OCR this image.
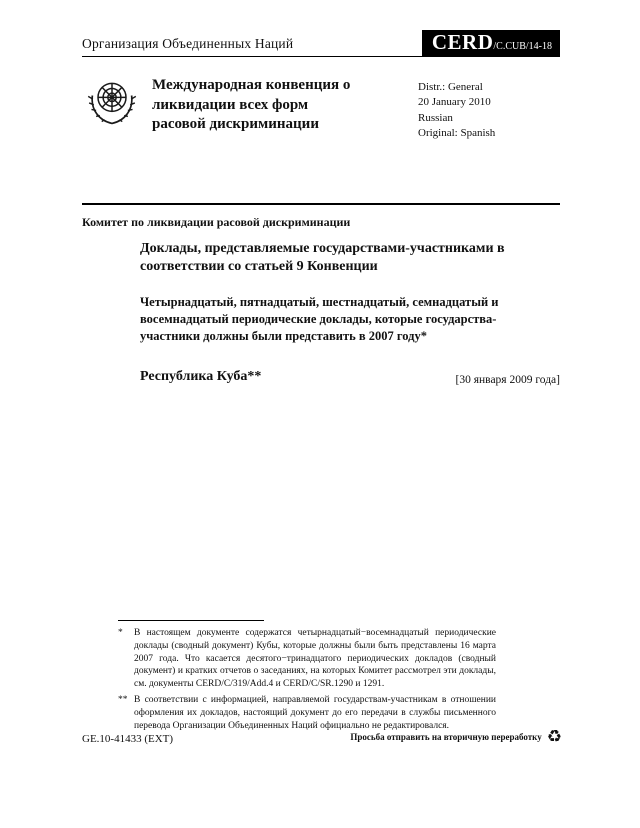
Организация Объединенных Наций	CERD/C.CUB/14-18
Международная конвенция о ликвидации всех форм расовой дискриминации
Distr.: General
20 January 2010
Russian
Original: Spanish
Комитет по ликвидации расовой дискриминации

Доклады, представляемые государствами-участниками в соответствии со статьей 9 Конвенции

Четырнадцатый, пятнадцатый, шестнадцатый, семнадцатый и восемнадцатый периодические доклады, которые государства-участники должны были представить в 2007 году*

Республика Куба**	[30 января 2009 года]
*	В настоящем документе содержатся четырнадцатый−восемнадцатый периодические доклады (сводный документ) Кубы, которые должны были быть представлены 16 марта 2007 года. Что касается десятого−тринадцатого периодических докладов (сводный документ) и кратких отчетов о заседаниях, на которых Комитет рассмотрел эти доклады, см. документы CERD/C/319/Add.4 и CERD/C/SR.1290 и 1291.
** В соответствии с информацией, направляемой государствам-участникам в отношении оформления их докладов, настоящий документ до его передачи в службы письменного перевода Организации Объединенных Наций официально не редактировался.
GE.10-41433 (EXT)	Просьба отправить на вторичную переработку ♻
